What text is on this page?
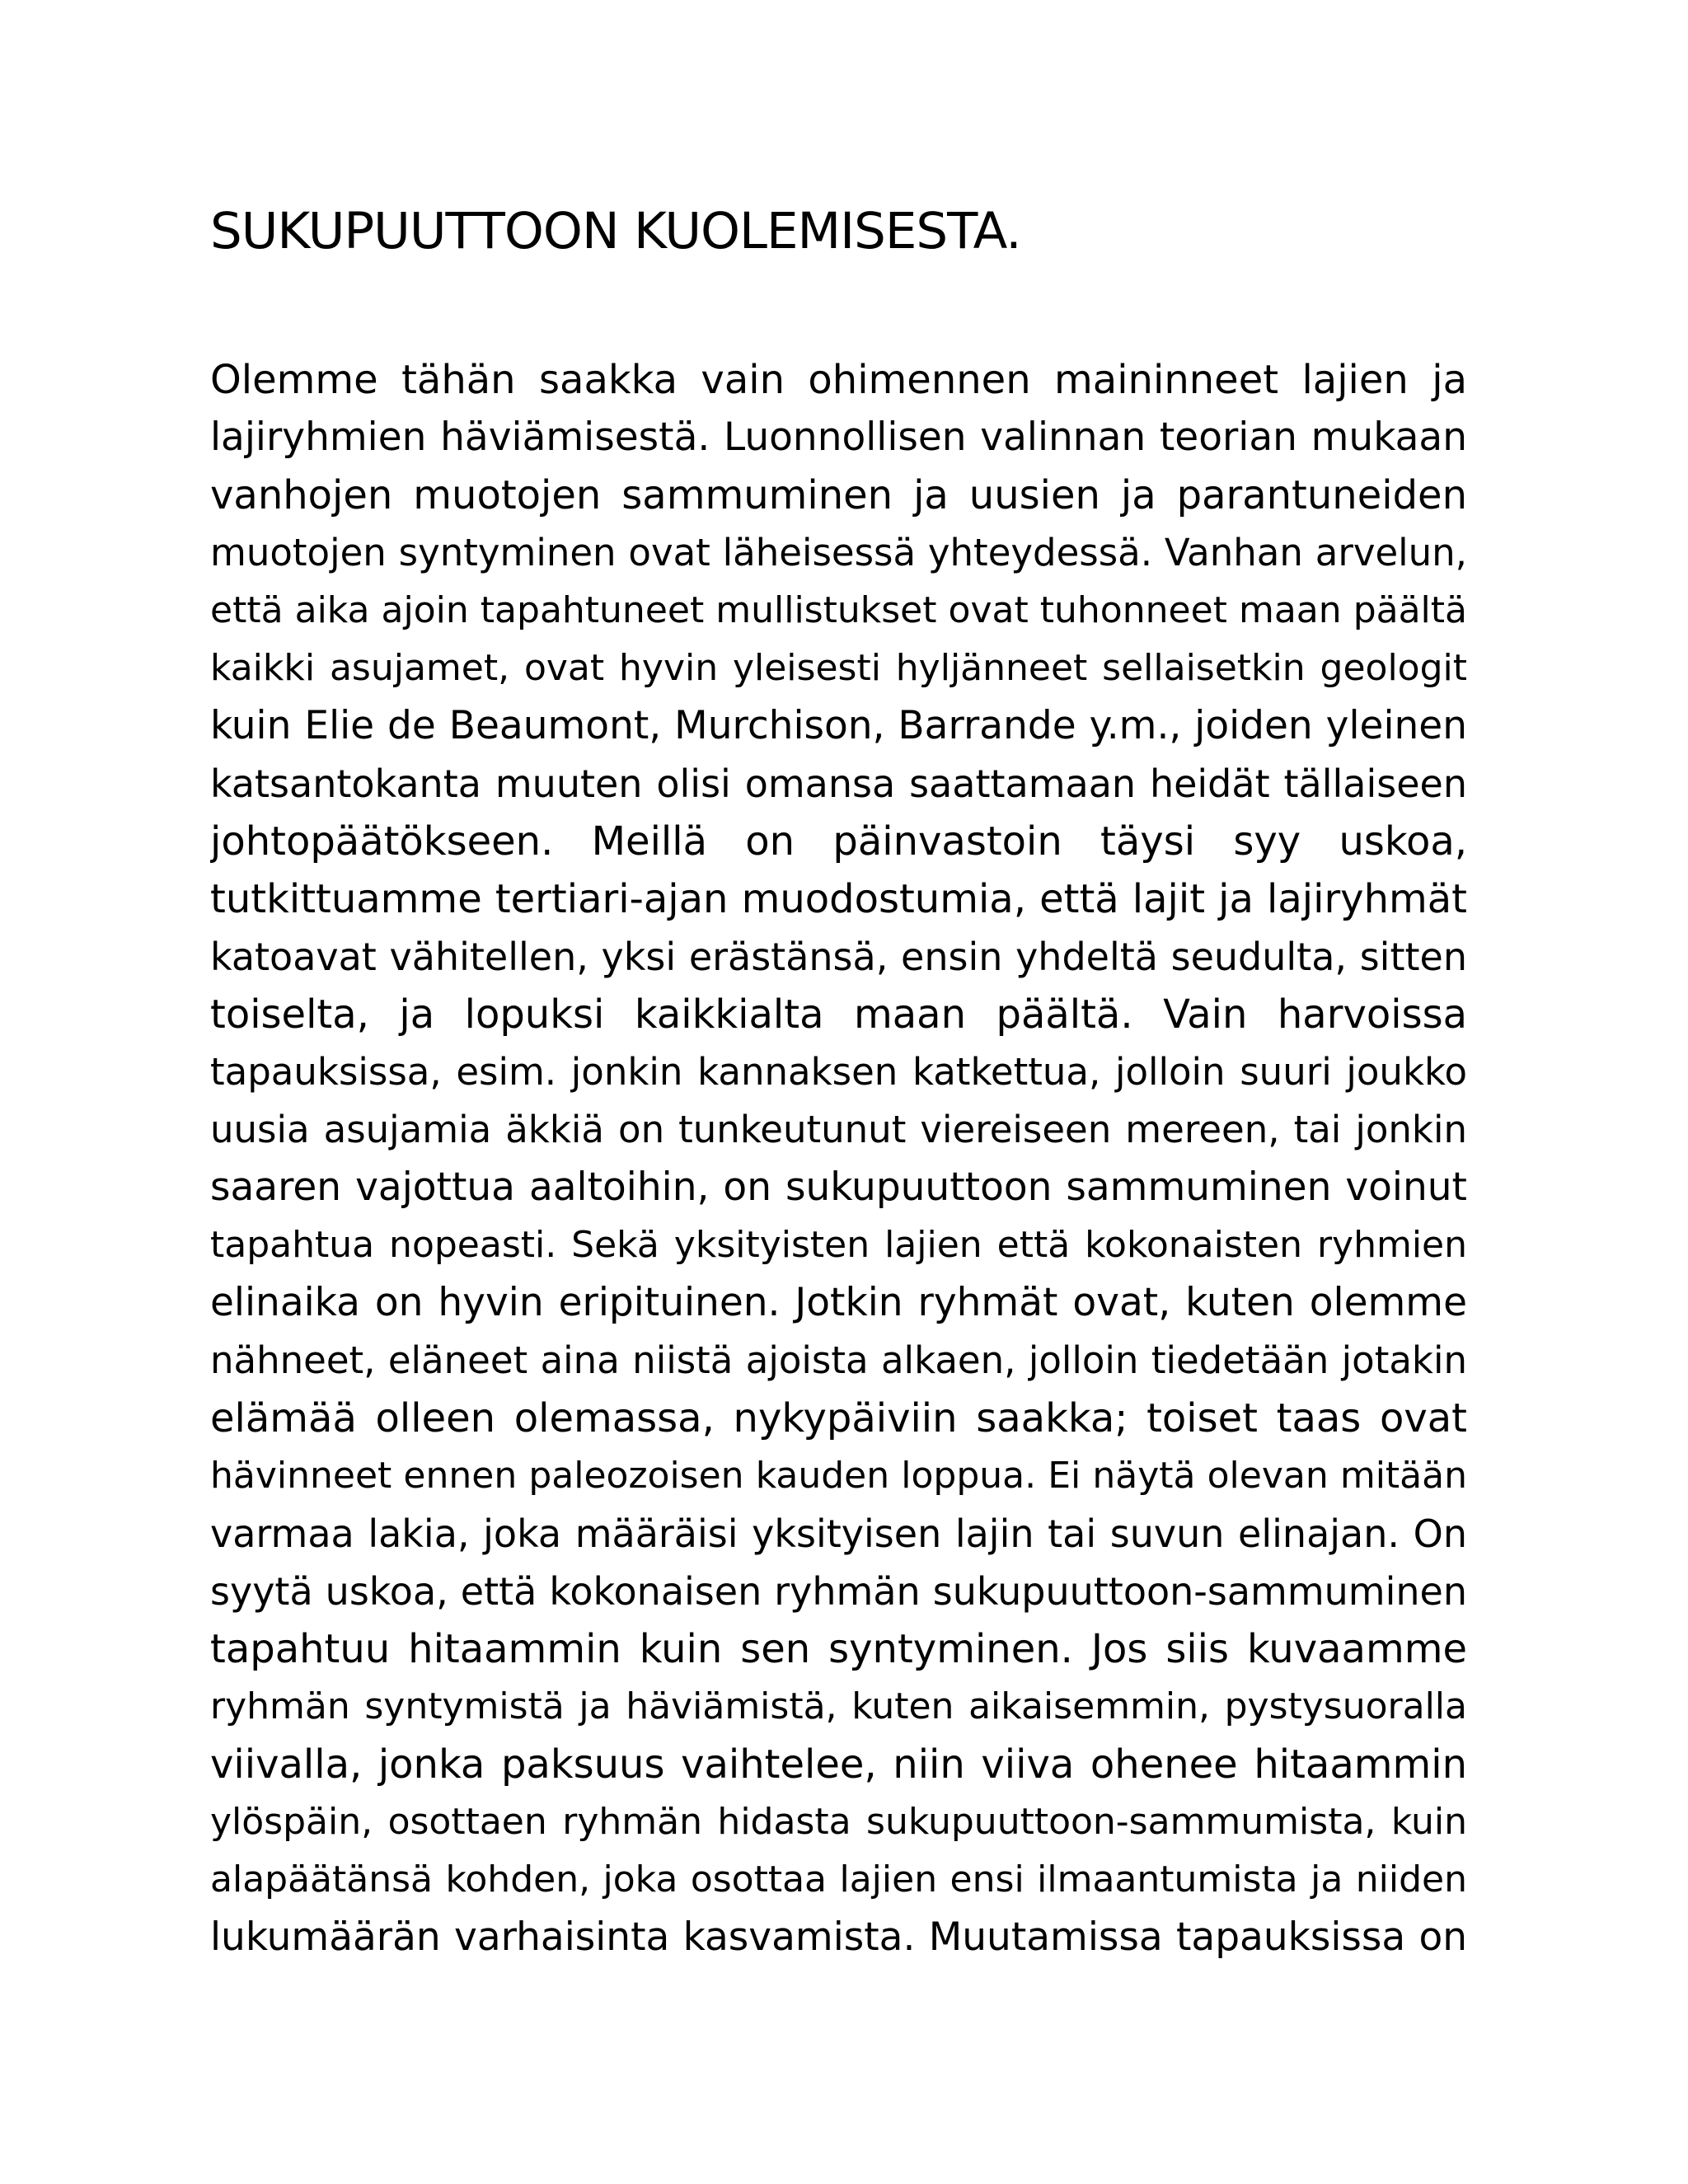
SUKUPUUTTOON KUOLEMISESTA.
Olemme tähän saakka vain ohimennen maininneet lajien ja
lajiryhmien häviämisestä. Luonnollisen valinnan teorian mukaan
vanhojen muotojen sammuminen ja uusien ja parantuneiden
muotojen syntyminen ovat läheisessä yhteydessä. Vanhan arvelun,
että aika ajoin tapahtuneet mullistukset ovat tuhonneet maan päältä
kaikki asujamet, ovat hyvin yleisesti hyljänneet sellaisetkin geologit
kuin Elie de Beaumont, Murchison, Barrande y.m., joiden yleinen
katsantokanta muuten olisi omansa saattamaan heidät tällaiseen
johtopäätökseen. Meillä on päinvastoin täysi syy uskoa,
tutkittuamme tertiari-ajan muodostumia, että lajit ja lajiryhmät
katoavat vähitellen, yksi erästänsä, ensin yhdeltä seudulta, sitten
toiselta, ja lopuksi kaikkialta maan päältä. Vain harvoissa
tapauksissa, esim. jonkin kannaksen katkettua, jolloin suuri joukko
uusia asujamia äkkiä on tunkeutunut viereiseen mereen, tai jonkin
saaren vajottua aaltoihin, on sukupuuttoon sammuminen voinut
tapahtua nopeasti. Sekä yksityisten lajien että kokonaisten ryhmien
elinaika on hyvin eripituinen. Jotkin ryhmät ovat, kuten olemme
nähneet, eläneet aina niistä ajoista alkaen, jolloin tiedetään jotakin
elämää olleen olemassa, nykypäiviin saakka; toiset taas ovat
hävinneet ennen paleozoisen kauden loppua. Ei näytä olevan mitään
varmaa lakia, joka määräisi yksityisen lajin tai suvun elinajan. On
syytä uskoa, että kokonaisen ryhmän sukupuuttoon-sammuminen
tapahtuu hitaammin kuin sen syntyminen. Jos siis kuvaamme
ryhmän syntymistä ja häviämistä, kuten aikaisemmin, pystysuoralla
viivalla, jonka paksuus vaihtelee, niin viiva ohenee hitaammin
ylöspäin, osottaen ryhmän hidasta sukupuuttoon-sammumista, kuin
alapäätänsä kohden, joka osottaa lajien ensi ilmaantumista ja niiden
lukumäärän varhaisinta kasvamista. Muutamissa tapauksissa on
